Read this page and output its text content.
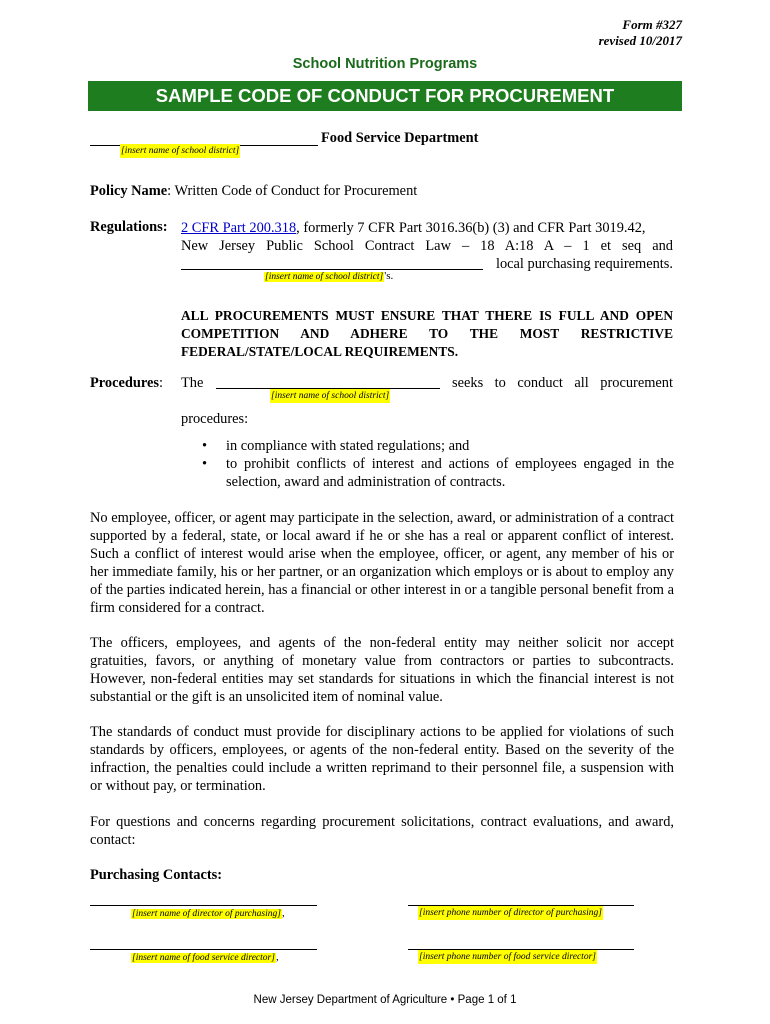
Form #327
revised 10/2017
School Nutrition Programs
SAMPLE CODE OF CONDUCT FOR PROCUREMENT
Food Service Department
[insert name of school district]
Policy Name: Written Code of Conduct for Procurement
Regulations: 2 CFR Part 200.318, formerly 7 CFR Part 3016.36(b) (3) and CFR Part 3019.42,
New Jersey Public School Contract Law – 18 A:18 A – 1 et seq and
local purchasing requirements.
[insert name of school district]'s.
ALL PROCUREMENTS MUST ENSURE THAT THERE IS FULL AND OPEN COMPETITION AND ADHERE TO THE MOST RESTRICTIVE FEDERAL/STATE/LOCAL REQUIREMENTS.
Procedures: The	seeks to conduct all procurement
[insert name of school district]
procedures:
• in compliance with stated regulations; and
• to prohibit conflicts of interest and actions of employees engaged in the selection, award and administration of contracts.
No employee, officer, or agent may participate in the selection, award, or administration of a contract supported by a federal, state, or local award if he or she has a real or apparent conflict of interest. Such a conflict of interest would arise when the employee, officer, or agent, any member of his or her immediate family, his or her partner, or an organization which employs or is about to employ any of the parties indicated herein, has a financial or other interest in or a tangible personal benefit from a firm considered for a contract.
The officers, employees, and agents of the non-federal entity may neither solicit nor accept gratuities, favors, or anything of monetary value from contractors or parties to subcontracts. However, non-federal entities may set standards for situations in which the financial interest is not substantial or the gift is an unsolicited item of nominal value.
The standards of conduct must provide for disciplinary actions to be applied for violations of such standards by officers, employees, or agents of the non-federal entity. Based on the severity of the infraction, the penalties could include a written reprimand to their personnel file, a suspension with or without pay, or termination.
For questions and concerns regarding procurement solicitations, contract evaluations, and award, contact:
Purchasing Contacts:
[insert name of director of purchasing],	[insert phone number of director of purchasing]
[insert name of food service director],	[insert phone number of food service director]
New Jersey Department of Agriculture • Page 1 of 1
